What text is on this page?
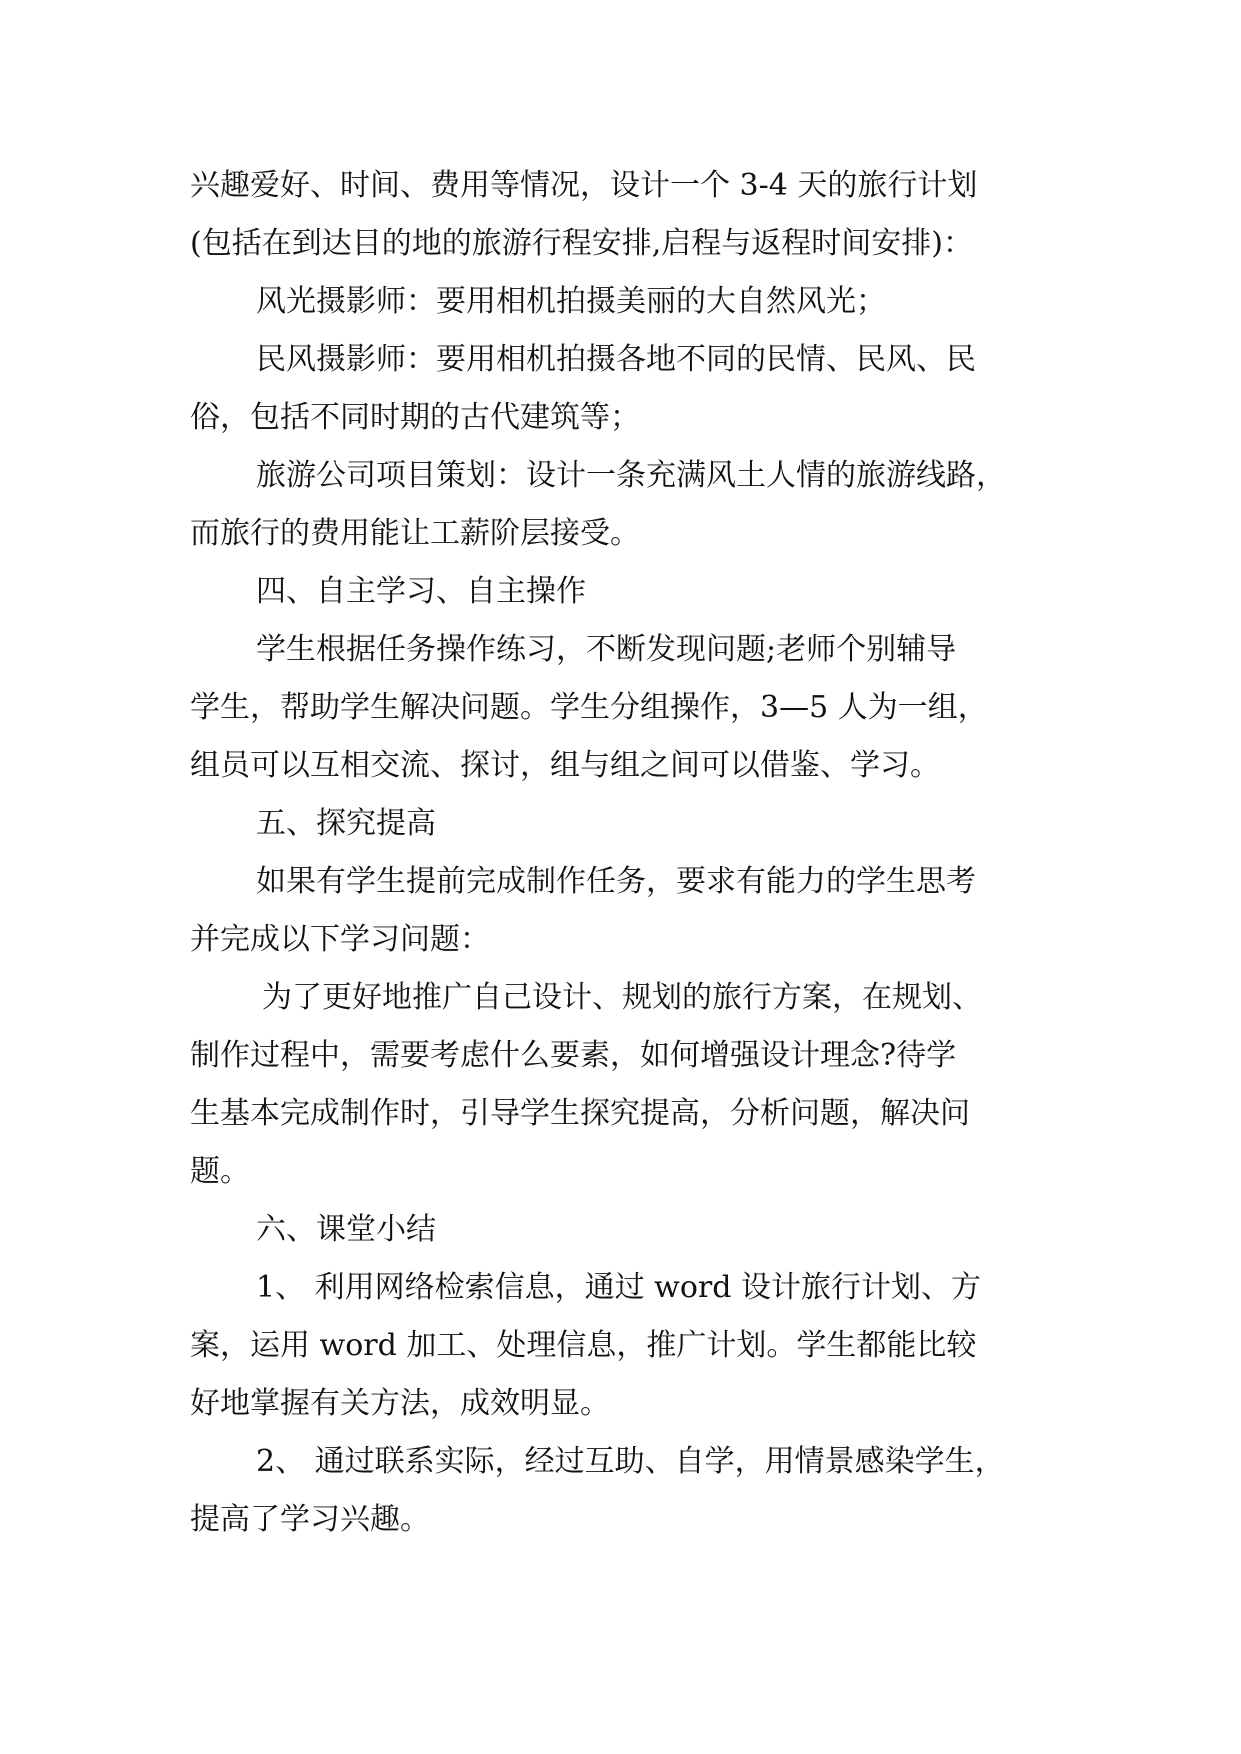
兴趣爱好、时间、费用等情况，设计一个 3-4 天的旅行计划
(包括在到达目的地的旅游行程安排,启程与返程时间安排)：
风光摄影师：要用相机拍摄美丽的大自然风光；
民风摄影师：要用相机拍摄各地不同的民情、民风、民
俗，包括不同时期的古代建筑等；
旅游公司项目策划：设计一条充满风土人情的旅游线路，
而旅行的费用能让工薪阶层接受。
四、自主学习、自主操作
学生根据任务操作练习，不断发现问题;老师个别辅导
学生，帮助学生解决问题。学生分组操作，3—5 人为一组，
组员可以互相交流、探讨，组与组之间可以借鉴、学习。
五、探究提高
如果有学生提前完成制作任务，要求有能力的学生思考
并完成以下学习问题：
为了更好地推广自己设计、规划的旅行方案，在规划、
制作过程中，需要考虑什么要素，如何增强设计理念?待学
生基本完成制作时，引导学生探究提高，分析问题，解决问
题。
六、课堂小结
1、 利用网络检索信息，通过 word 设计旅行计划、方
案，运用 word 加工、处理信息，推广计划。学生都能比较
好地掌握有关方法，成效明显。
2、 通过联系实际，经过互助、自学，用情景感染学生，
提高了学习兴趣。
